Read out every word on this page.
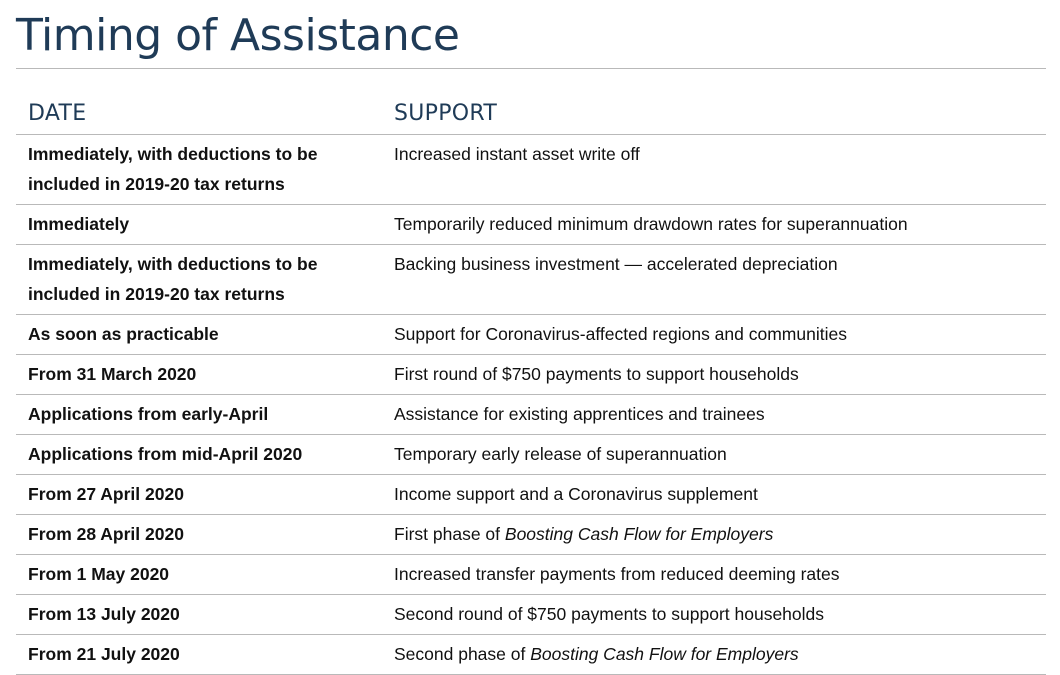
Timing of Assistance
DATE	SUPPORT
Immediately, with deductions to be included in 2019-20 tax returns	Increased instant asset write off
Immediately	Temporarily reduced minimum drawdown rates for superannuation
Immediately, with deductions to be included in 2019-20 tax returns	Backing business investment — accelerated depreciation
As soon as practicable	Support for Coronavirus-affected regions and communities
From 31 March 2020	First round of $750 payments to support households
Applications from early-April	Assistance for existing apprentices and trainees
Applications from mid-April 2020	Temporary early release of superannuation
From 27 April 2020	Income support and a Coronavirus supplement
From 28 April 2020	First phase of Boosting Cash Flow for Employers
From 1 May 2020	Increased transfer payments from reduced deeming rates
From 13 July 2020	Second round of $750 payments to support households
From 21 July 2020	Second phase of Boosting Cash Flow for Employers
